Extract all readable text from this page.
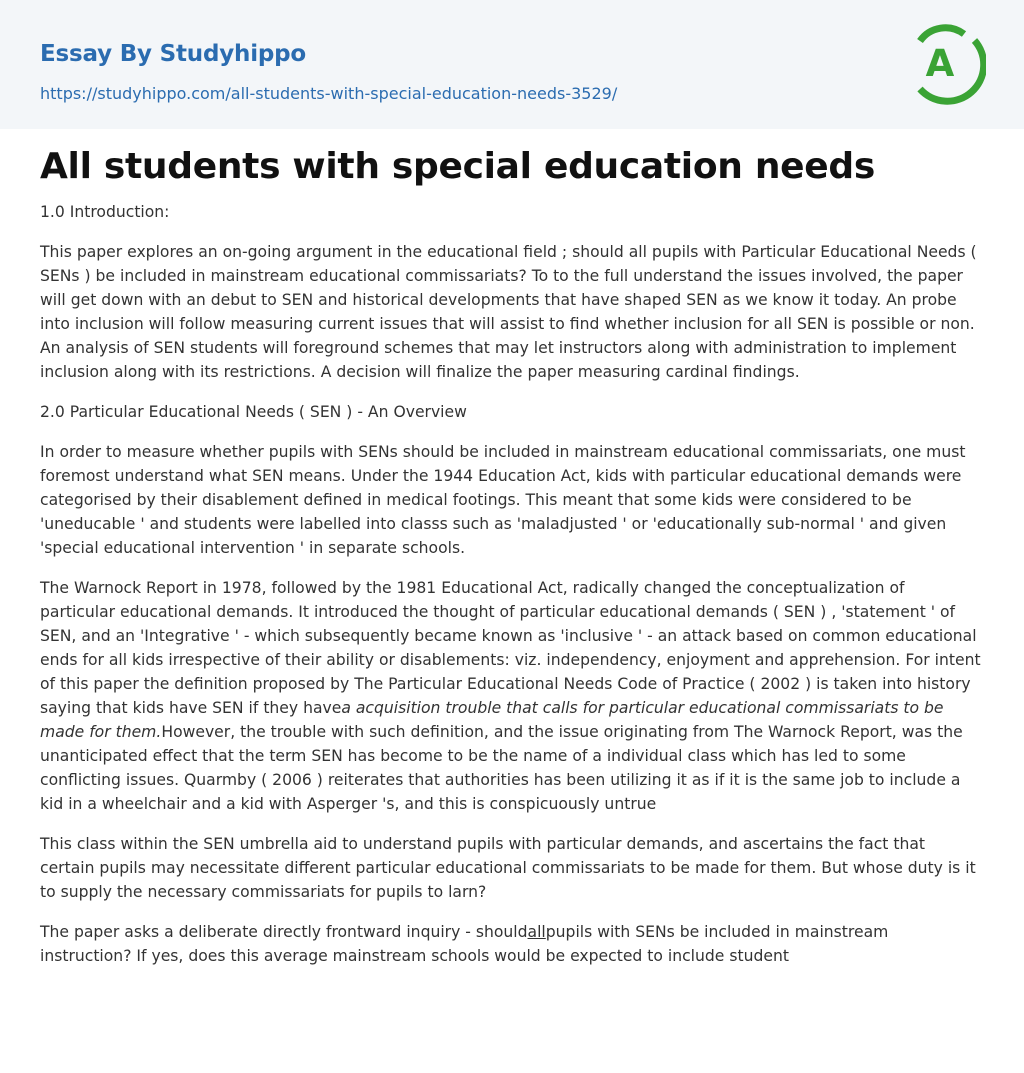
Essay By Studyhippo
https://studyhippo.com/all-students-with-special-education-needs-3529/
A
All students with special education needs

1.0 Introduction:

This paper explores an on-going argument in the educational field ; should all pupils with Particular Educational Needs ( SENs ) be included in mainstream educational commissariats? To to the full understand the issues involved, the paper will get down with an debut to SEN and historical developments that have shaped SEN as we know it today. An probe into inclusion will follow measuring current issues that will assist to find whether inclusion for all SEN is possible or non. An analysis of SEN students will foreground schemes that may let instructors along with administration to implement inclusion along with its restrictions. A decision will finalize the paper measuring cardinal findings.

2.0 Particular Educational Needs ( SEN ) - An Overview

In order to measure whether pupils with SENs should be included in mainstream educational commissariats, one must foremost understand what SEN means. Under the 1944 Education Act, kids with particular educational demands were categorised by their disablement defined in medical footings. This meant that some kids were considered to be 'uneducable ' and students were labelled into classs such as 'maladjusted ' or 'educationally sub-normal ' and given 'special educational intervention ' in separate schools.

The Warnock Report in 1978, followed by the 1981 Educational Act, radically changed the conceptualization of particular educational demands. It introduced the thought of particular educational demands ( SEN ) , 'statement ' of SEN, and an 'Integrative ' - which subsequently became known as 'inclusive ' - an attack based on common educational ends for all kids irrespective of their ability or disablements: viz. independency, enjoyment and apprehension. For intent of this paper the definition proposed by The Particular Educational Needs Code of Practice ( 2002 ) is taken into history saying that kids have SEN if they havea acquisition trouble that calls for particular educational commissariats to be made for them.However, the trouble with such definition, and the issue originating from The Warnock Report, was the unanticipated effect that the term SEN has become to be the name of a individual class which has led to some conflicting issues. Quarmby ( 2006 ) reiterates that authorities has been utilizing it as if it is the same job to include a kid in a wheelchair and a kid with Asperger 's, and this is conspicuously untrue

This class within the SEN umbrella aid to understand pupils with particular demands, and ascertains the fact that certain pupils may necessitate different particular educational commissariats to be made for them. But whose duty is it to supply the necessary commissariats for pupils to larn?

The paper asks a deliberate directly frontward inquiry - shouldallpupils with SENs be included in mainstream instruction? If yes, does this average mainstream schools would be expected to include student
